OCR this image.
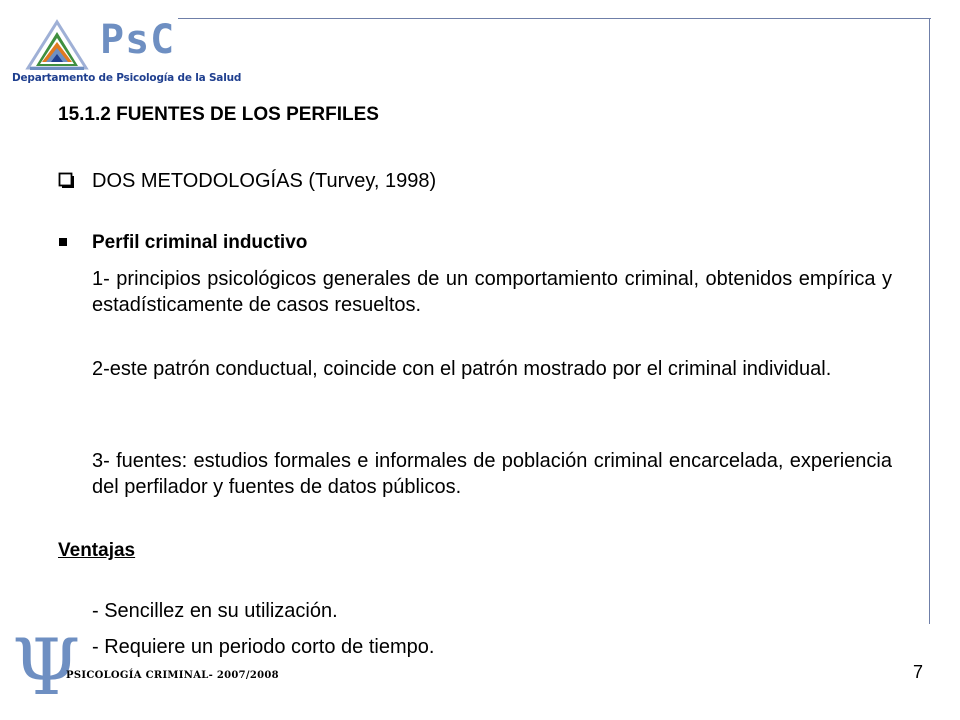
PsC
Departamento de Psicología de la Salud
15.1.2 FUENTES DE LOS PERFILES
DOS METODOLOGÍAS (Turvey, 1998)
Perfil criminal inductivo
1- principios psicológicos generales de un comportamiento criminal, obtenidos empírica y estadísticamente de casos resueltos.
2-este patrón conductual, coincide con el patrón mostrado por el criminal individual.
3- fuentes: estudios formales e informales de población criminal encarcelada, experiencia del perfilador y fuentes de datos públicos.
Ventajas
- Sencillez en su utilización.
- Requiere un periodo corto de tiempo.
Ψ
PSICOLOGÍA CRIMINAL- 2007/2008	7
